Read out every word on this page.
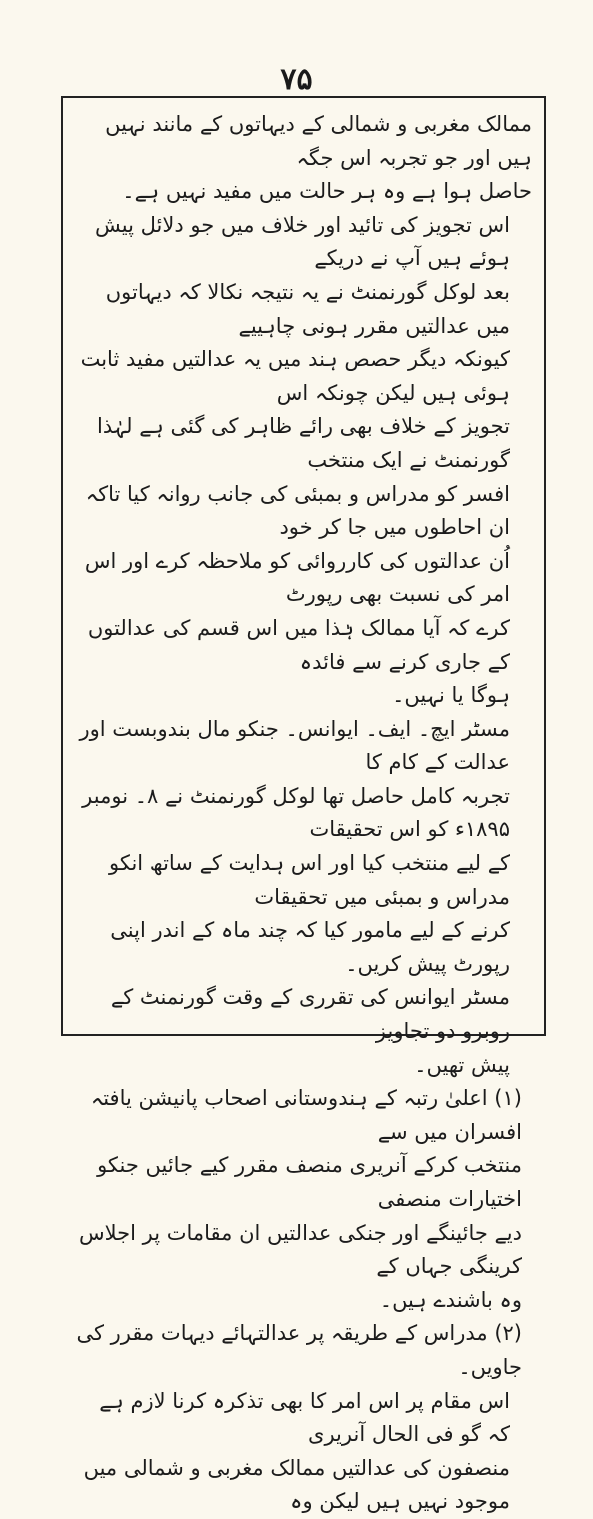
۷۵

ممالک مغربی و شمالی کے دیہاتوں کے مانند نہیں ہیں اور جو تجربہ اس جگہ
حاصل ہوا ہے وہ ہر حالت میں مفید نہیں ہے۔

اس تجویز کی تائید اور خلاف میں جو دلائل پیش ہوئے ہیں آپ نے دریکے
بعد لوکل گورنمنٹ نے یہ نتیجہ نکالا کہ دیہاتوں میں عدالتیں مقرر ہونی چاہییے
کیونکہ دیگر حصص ہند میں یہ عدالتیں مفید ثابت ہوئی ہیں لیکن چونکہ اس
تجویز کے خلاف بھی رائے ظاہر کی گئی ہے لہٰذا گورنمنٹ نے ایک منتخب
افسر کو مدراس و بمبئی کی جانب روانہ کیا تاکہ ان احاطوں میں جا کر خود
اُن عدالتوں کی کارروائی کو ملاحظہ کرے اور اس امر کی نسبت بھی رپورٹ
کرے کہ آیا ممالک ہٰذا میں اس قسم کی عدالتوں کے جاری کرنے سے فائدہ
ہوگا یا نہیں۔

مسٹر ایچ۔ ایف۔ ایوانس۔ جنکو مال بندوبست اور عدالت کے کام کا
تجربہ کامل حاصل تھا لوکل گورنمنٹ نے ۸۔ نومبر ۱۸۹۵ء کو اس تحقیقات
کے لیے منتخب کیا اور اس ہدایت کے ساتھ انکو مدراس و بمبئی میں تحقیقات
کرنے کے لیے مامور کیا کہ چند ماہ کے اندر اپنی رپورٹ پیش کریں۔
مسٹر ایوانس کی تقرری کے وقت گورنمنٹ کے روبرو دو تجاویز
پیش تھیں۔

(۱) اعلیٰ رتبہ کے ہندوستانی اصحاب پانیشن یافتہ افسران میں سے
منتخب کرکے آنریری منصف مقرر کیے جائیں جنکو اختیارات منصفی
دیے جائینگے اور جنکی عدالتیں ان مقامات پر اجلاس کرینگی جہاں کے
وہ باشندے ہیں۔

(۲) مدراس کے طریقہ پر عدالتہائے دیہات مقرر کی جاویں۔

اس مقام پر اس امر کا بھی تذکرہ کرنا لازم ہے کہ گو فی الحال آنریری
منصفون کی عدالتیں ممالک مغربی و شمالی میں موجود نہیں ہیں لیکن وہ
